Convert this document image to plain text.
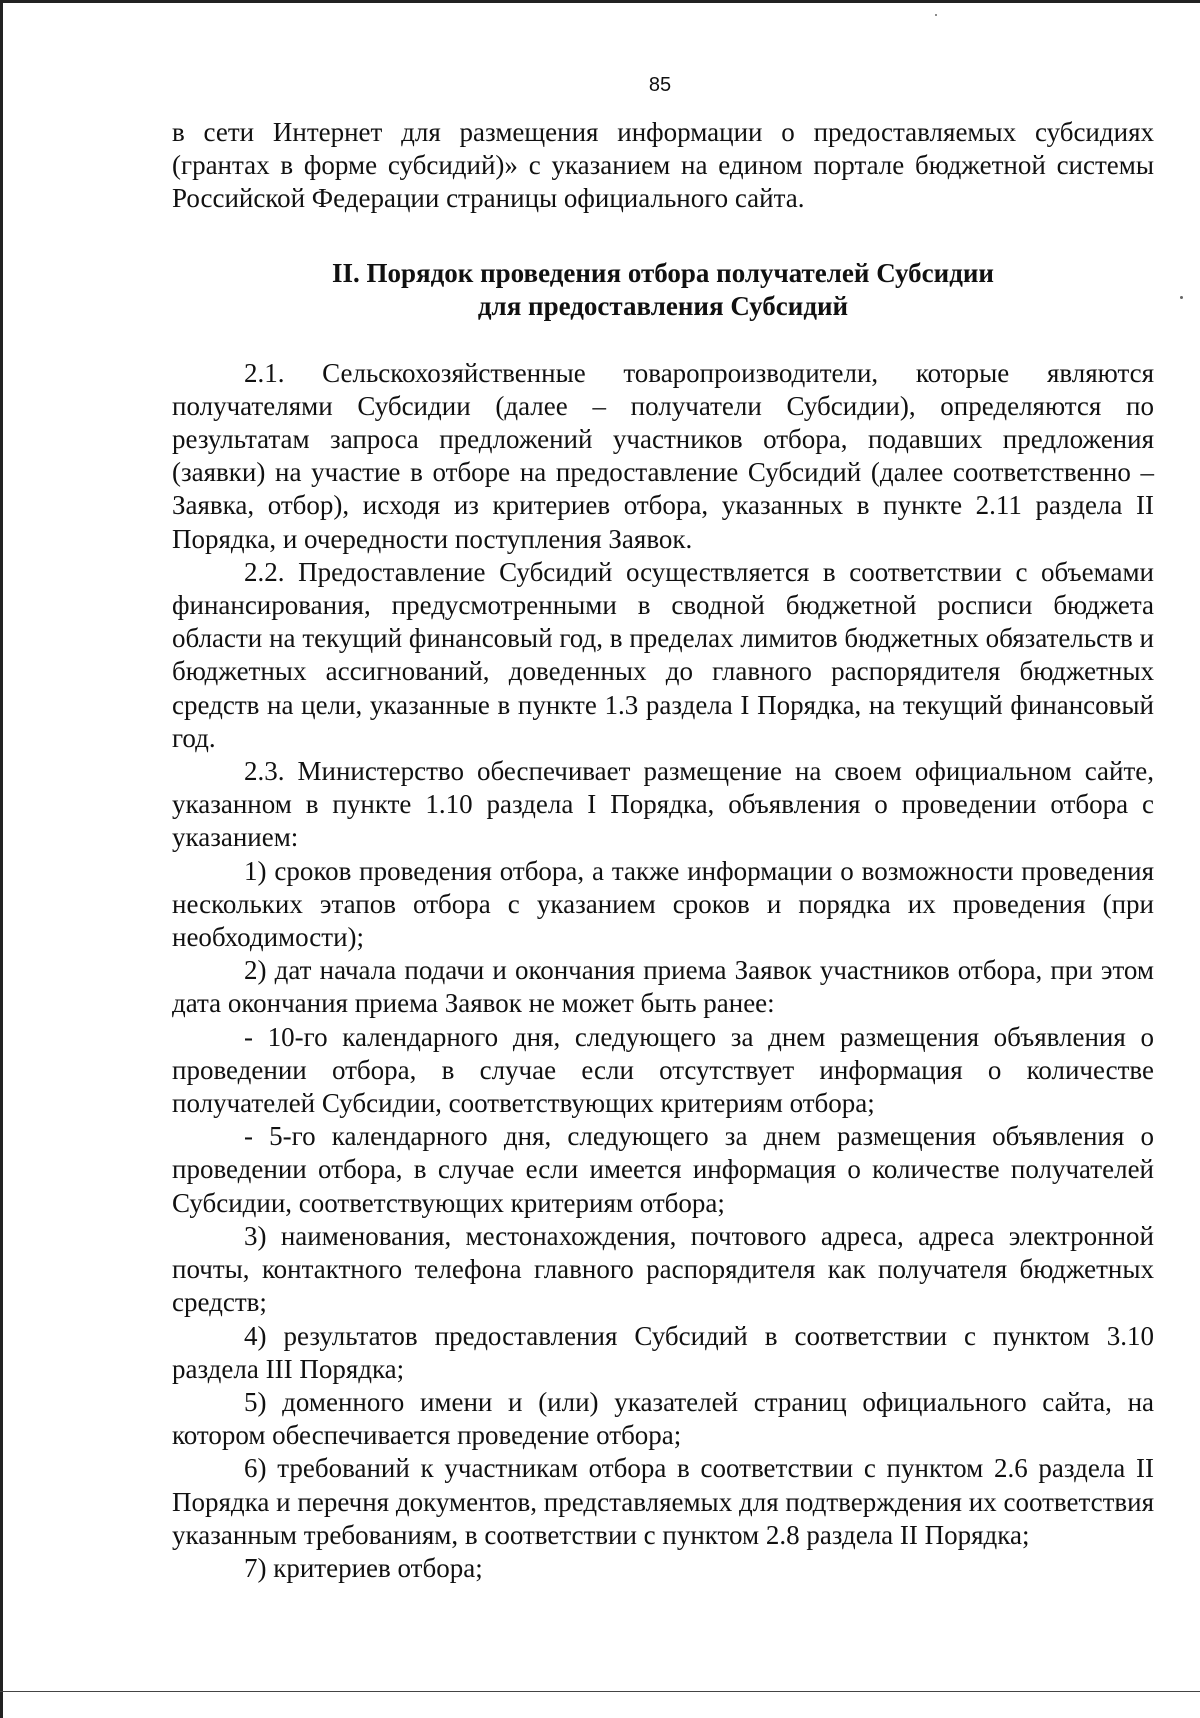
85

в сети Интернет для размещения информации о предоставляемых субсидиях (грантах в форме субсидий)» с указанием на едином портале бюджетной системы Российской Федерации страницы официального сайта.

II. Порядок проведения отбора получателей Субсидии
для предоставления Субсидий

2.1. Сельскохозяйственные товаропроизводители, которые являются получателями Субсидии (далее – получатели Субсидии), определяются по результатам запроса предложений участников отбора, подавших предложения (заявки) на участие в отборе на предоставление Субсидий (далее соответственно – Заявка, отбор), исходя из критериев отбора, указанных в пункте 2.11 раздела II Порядка, и очередности поступления Заявок.

2.2. Предоставление Субсидий осуществляется в соответствии с объемами финансирования, предусмотренными в сводной бюджетной росписи бюджета области на текущий финансовый год, в пределах лимитов бюджетных обязательств и бюджетных ассигнований, доведенных до главного распорядителя бюджетных средств на цели, указанные в пункте 1.3 раздела I Порядка, на текущий финансовый год.

2.3. Министерство обеспечивает размещение на своем официальном сайте, указанном в пункте 1.10 раздела I Порядка, объявления о проведении отбора с указанием:

1) сроков проведения отбора, а также информации о возможности проведения нескольких этапов отбора с указанием сроков и порядка их проведения (при необходимости);

2) дат начала подачи и окончания приема Заявок участников отбора, при этом дата окончания приема Заявок не может быть ранее:

- 10-го календарного дня, следующего за днем размещения объявления о проведении отбора, в случае если отсутствует информация о количестве получателей Субсидии, соответствующих критериям отбора;

- 5-го календарного дня, следующего за днем размещения объявления о проведении отбора, в случае если имеется информация о количестве получателей Субсидии, соответствующих критериям отбора;

3) наименования, местонахождения, почтового адреса, адреса электронной почты, контактного телефона главного распорядителя как получателя бюджетных средств;

4) результатов предоставления Субсидий в соответствии с пунктом 3.10 раздела III Порядка;

5) доменного имени и (или) указателей страниц официального сайта, на котором обеспечивается проведение отбора;

6) требований к участникам отбора в соответствии с пунктом 2.6 раздела II Порядка и перечня документов, представляемых для подтверждения их соответствия указанным требованиям, в соответствии с пунктом 2.8 раздела II Порядка;

7) критериев отбора;
